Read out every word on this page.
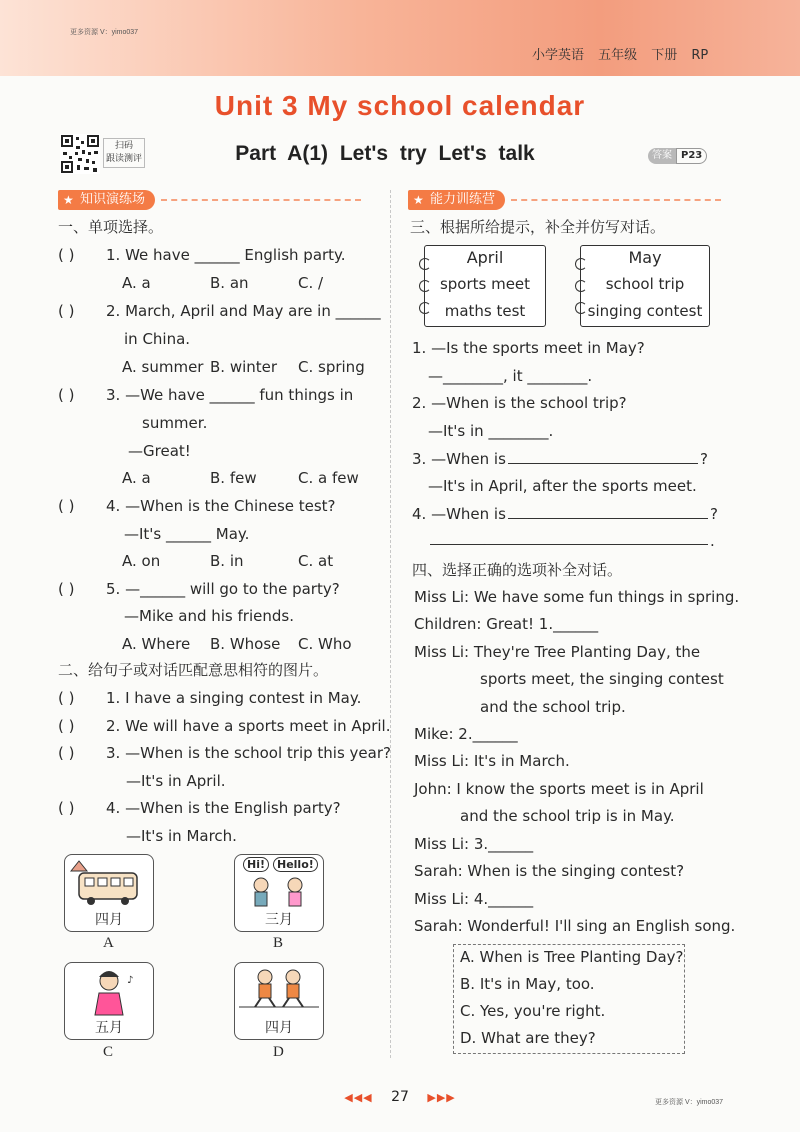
更多资源 V：yimo037
小学英语 五年级 下册 RP
Unit 3 My school calendar
扫码
跟读测评	Part A(1) Let's try Let's talk	答案 P23
★ 知识演练场
一、单项选择。
( ) 1. We have ______ English party.
A. a	B. an	C. /
( ) 2. March, April and May are in ______
in China.
A. summer B. winter C. spring
( ) 3. —We have ______ fun things in
summer.
—Great!
A. a	B. few	C. a few
( ) 4. —When is the Chinese test?
—It's ______ May.
A. on	B. in	C. at
( ) 5. —______ will go to the party?
—Mike and his friends.
A. Where B. Whose C. Who
二、给句子或对话匹配意思相符的图片。
( ) 1. I have a singing contest in May.
( ) 2. We will have a sports meet in April.
( ) 3. —When is the school trip this year?
—It's in April.
( ) 4. —When is the English party?
—It's in March.
四月
A
Hi!	Hello!
三月
B
♪
五月
C
四月
D
★ 能力训练营
三、根据所给提示，补全并仿写对话。
April
sports meet
maths test
May
school trip
singing contest
1. —Is the sports meet in May?
—________, it ________.
2. —When is the school trip?
—It's in ________.
3. —When is	?
—It's in April, after the sports meet.
4. —When is	?
.
四、选择正确的选项补全对话。
Miss Li: We have some fun things in spring.
Children: Great! 1.______
Miss Li: They're Tree Planting Day, the
sports meet, the singing contest
and the school trip.
Mike: 2.______
Miss Li: It's in March.
John: I know the sports meet is in April
and the school trip is in May.
Miss Li: 3.______
Sarah: When is the singing contest?
Miss Li: 4.______
Sarah: Wonderful! I'll sing an English song.
A. When is Tree Planting Day?
B. It's in May, too.
C. Yes, you're right.
D. What are they?
◀◀◀ 27 ▶▶▶	更多资源 V：yimo037
